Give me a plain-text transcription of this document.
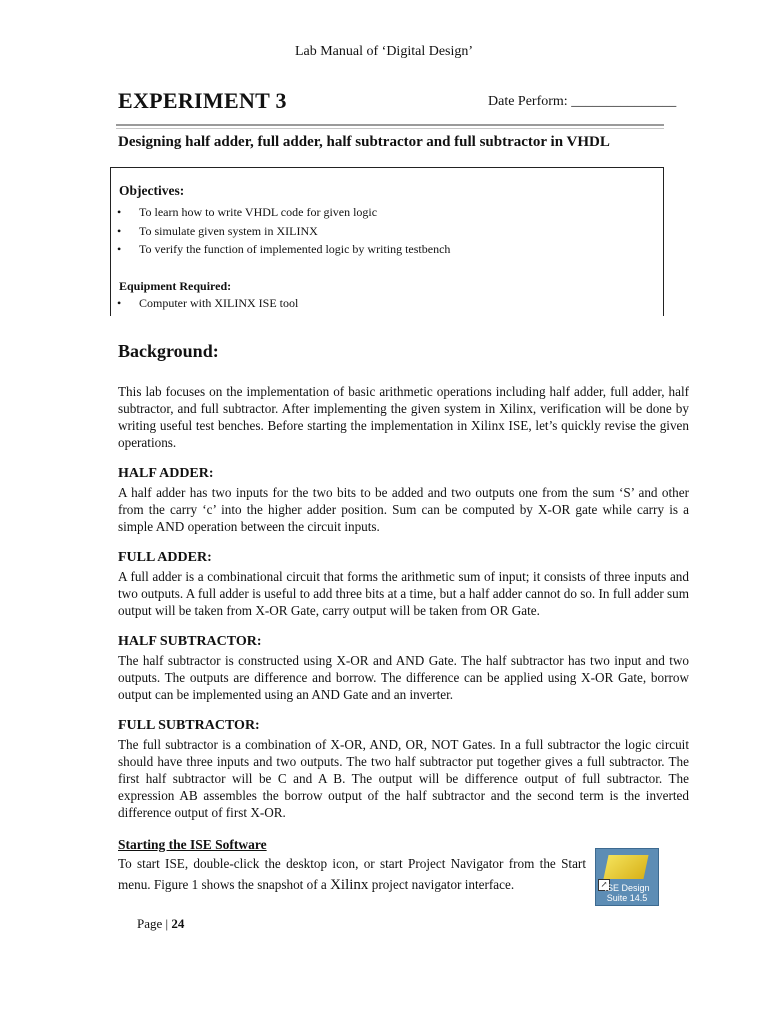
Lab Manual of ‘Digital Design’
EXPERIMENT 3	Date Perform: _______________
Designing half adder, full adder, half subtractor and full subtractor in VHDL
Objectives:
• To learn how to write VHDL code for given logic
• To simulate given system in XILINX
• To verify the function of implemented logic by writing testbench
Equipment Required:
• Computer with XILINX ISE tool
Background:
This lab focuses on the implementation of basic arithmetic operations including half adder, full adder, half subtractor, and full subtractor. After implementing the given system in Xilinx, verification will be done by writing useful test benches. Before starting the implementation in Xilinx ISE, let’s quickly revise the given operations.
HALF ADDER:
A half adder has two inputs for the two bits to be added and two outputs one from the sum ‘S’ and other from the carry ‘c’ into the higher adder position. Sum can be computed by X-OR gate while carry is a simple AND operation between the circuit inputs.
FULL ADDER:
A full adder is a combinational circuit that forms the arithmetic sum of input; it consists of three inputs and two outputs. A full adder is useful to add three bits at a time, but a half adder cannot do so. In full adder sum output will be taken from X-OR Gate, carry output will be taken from OR Gate.
HALF SUBTRACTOR:
The half subtractor is constructed using X-OR and AND Gate. The half subtractor has two input and two outputs. The outputs are difference and borrow. The difference can be applied using X-OR Gate, borrow output can be implemented using an AND Gate and an inverter.
FULL SUBTRACTOR:
The full subtractor is a combination of X-OR, AND, OR, NOT Gates. In a full subtractor the logic circuit should have three inputs and two outputs. The two half subtractor put together gives a full subtractor. The first half subtractor will be C and A B. The output will be difference output of full subtractor. The expression AB assembles the borrow output of the half subtractor and the second term is the inverted difference output of first X-OR.
Starting the ISE Software
To start ISE, double-click the desktop icon, or start Project Navigator from the Start menu. Figure 1 shows the snapshot of a Xilinx project navigator interface.	↗
ISE Design Suite 14.5
Page | 24
